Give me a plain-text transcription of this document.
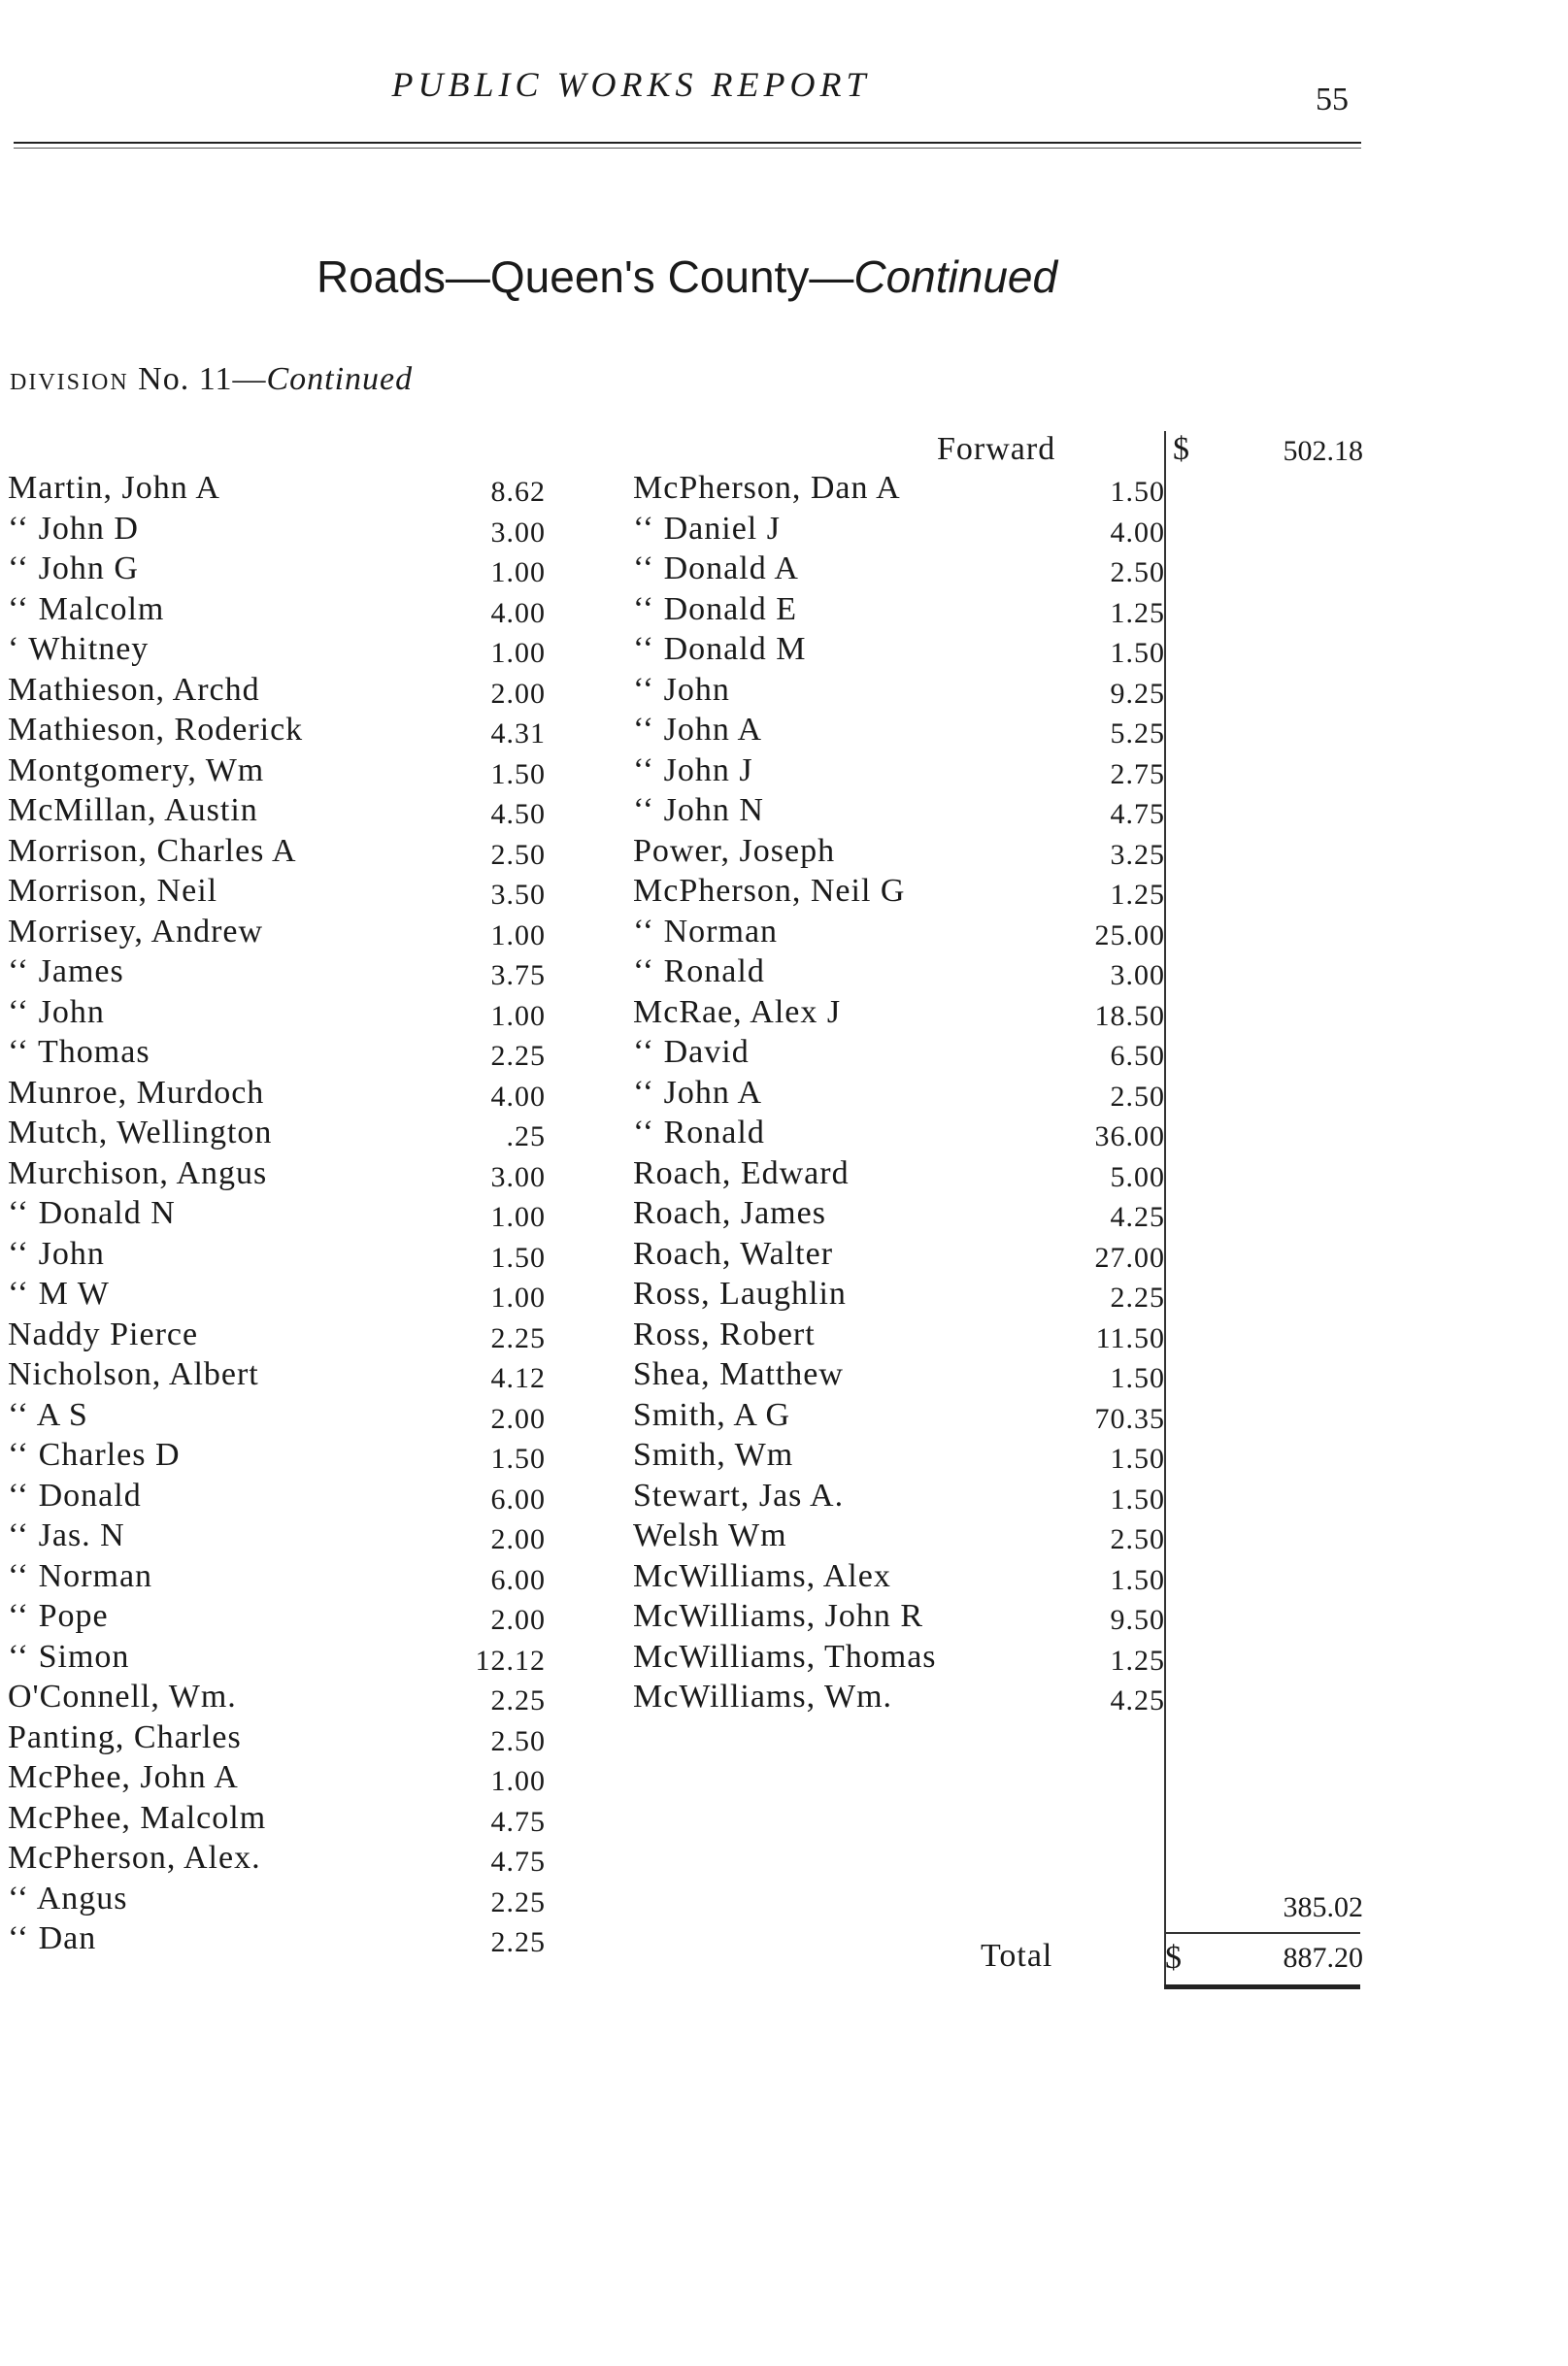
PUBLIC WORKS REPORT	55
Roads—Queen's County—Continued
DIVISION No. 11—Continued
Martin, John A	8.62
‘‘ John D	3.00
‘‘ John G	1.00
‘‘ Malcolm	4.00
‘ Whitney	1.00
Mathieson, Archd	2.00
Mathieson, Roderick	4.31
Montgomery, Wm	1.50
McMillan, Austin	4.50
Morrison, Charles A	2.50
Morrison, Neil	3.50
Morrisey, Andrew	1.00
‘‘ James	3.75
‘‘ John	1.00
‘‘ Thomas	2.25
Munroe, Murdoch	4.00
Mutch, Wellington	.25
Murchison, Angus	3.00
‘‘ Donald N	1.00
‘‘ John	1.50
‘‘ M W	1.00
Naddy Pierce	2.25
Nicholson, Albert	4.12
‘‘ A S	2.00
‘‘ Charles D	1.50
‘‘ Donald	6.00
‘‘ Jas. N	2.00
‘‘ Norman	6.00
‘‘ Pope	2.00
‘‘ Simon	12.12
O'Connell, Wm.	2.25
Panting, Charles	2.50
McPhee, John A	1.00
McPhee, Malcolm	4.75
McPherson, Alex.	4.75
‘‘ Angus	2.25
‘‘ Dan	2.25
Forward	$	502.18
McPherson, Dan A	1.50
‘‘ Daniel J	4.00
‘‘ Donald A	2.50
‘‘ Donald E	1.25
‘‘ Donald M	1.50
‘‘ John	9.25
‘‘ John A	5.25
‘‘ John J	2.75
‘‘ John N	4.75
Power, Joseph	3.25
McPherson, Neil G	1.25
‘‘ Norman	25.00
‘‘ Ronald	3.00
McRae, Alex J	18.50
‘‘ David	6.50
‘‘ John A	2.50
‘‘ Ronald	36.00
Roach, Edward	5.00
Roach, James	4.25
Roach, Walter	27.00
Ross, Laughlin	2.25
Ross, Robert	11.50
Shea, Matthew	1.50
Smith, A G	70.35
Smith, Wm	1.50
Stewart, Jas A.	1.50
Welsh Wm	2.50
McWilliams, Alex	1.50
McWilliams, John R	9.50
McWilliams, Thomas	1.25
McWilliams, Wm.	4.25
385.02
Total	$	887.20
